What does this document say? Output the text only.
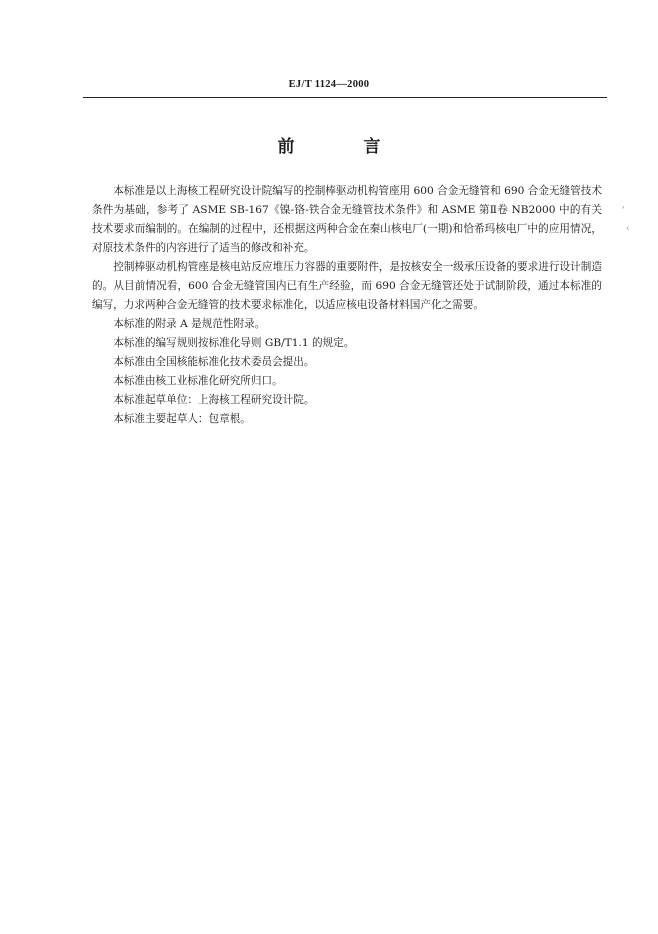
EJ/T 1124—2000
前　言

本标准是以上海核工程研究设计院编写的控制棒驱动机构管座用 600 合金无缝管和 690 合金无缝管技术条件为基础，参考了 ASME SB-167《镍-铬-铁合金无缝管技术条件》和 ASME 第Ⅱ卷 NB2000 中的有关技术要求而编制的。在编制的过程中，还根据这两种合金在秦山核电厂(一期)和恰希玛核电厂中的应用情况，对原技术条件的内容进行了适当的修改和补充。

控制棒驱动机构管座是核电站反应堆压力容器的重要附件，是按核安全一级承压设备的要求进行设计制造的。从目前情况看，600 合金无缝管国内已有生产经验，而 690 合金无缝管还处于试制阶段，通过本标准的编写，力求两种合金无缝管的技术要求标准化，以适应核电设备材料国产化之需要。

本标准的附录 A 是规范性附录。

本标准的编写规则按标准化导则 GB/T1.1 的规定。

本标准由全国核能标准化技术委员会提出。

本标准由核工业标准化研究所归口。

本标准起草单位：上海核工程研究设计院。

本标准主要起草人：包章根。

˒
‹
